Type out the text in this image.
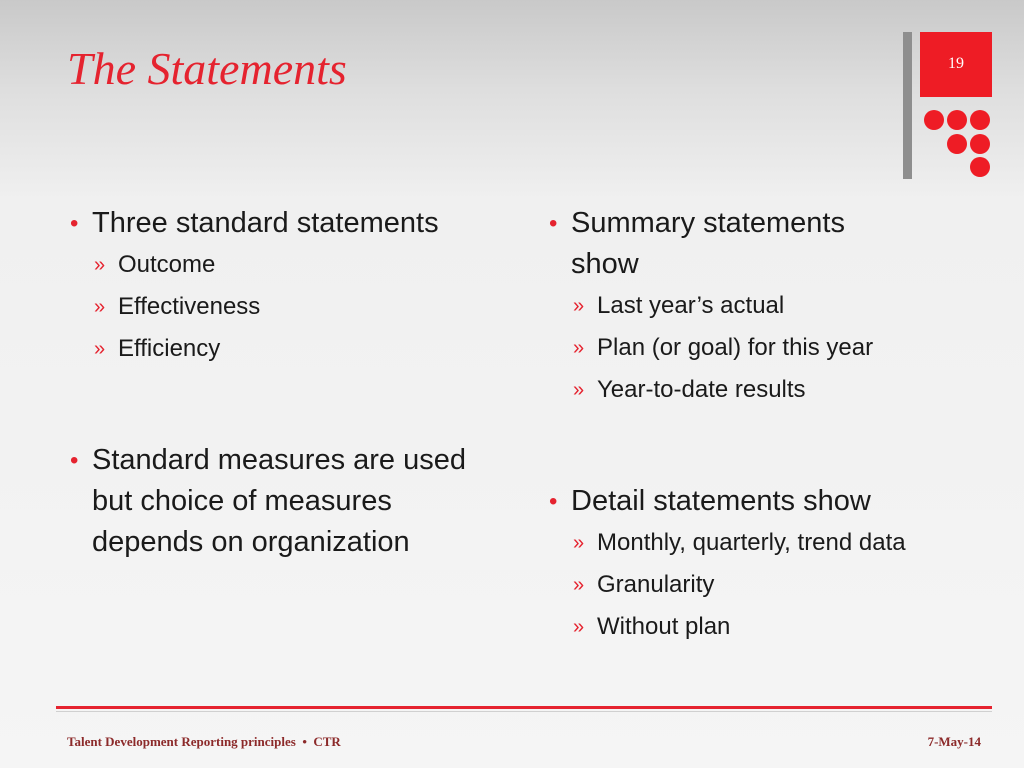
The Statements	19
• Three standard statements
» Outcome
» Effectiveness
» Efficiency
• Standard measures are used but choice of measures depends on organization
• Summary statements show
» Last year’s actual
» Plan (or goal) for this year
» Year-to-date results
• Detail statements show
» Monthly, quarterly, trend data
» Granularity
» Without plan
Talent Development Reporting principles  •  CTR	7-May-14
